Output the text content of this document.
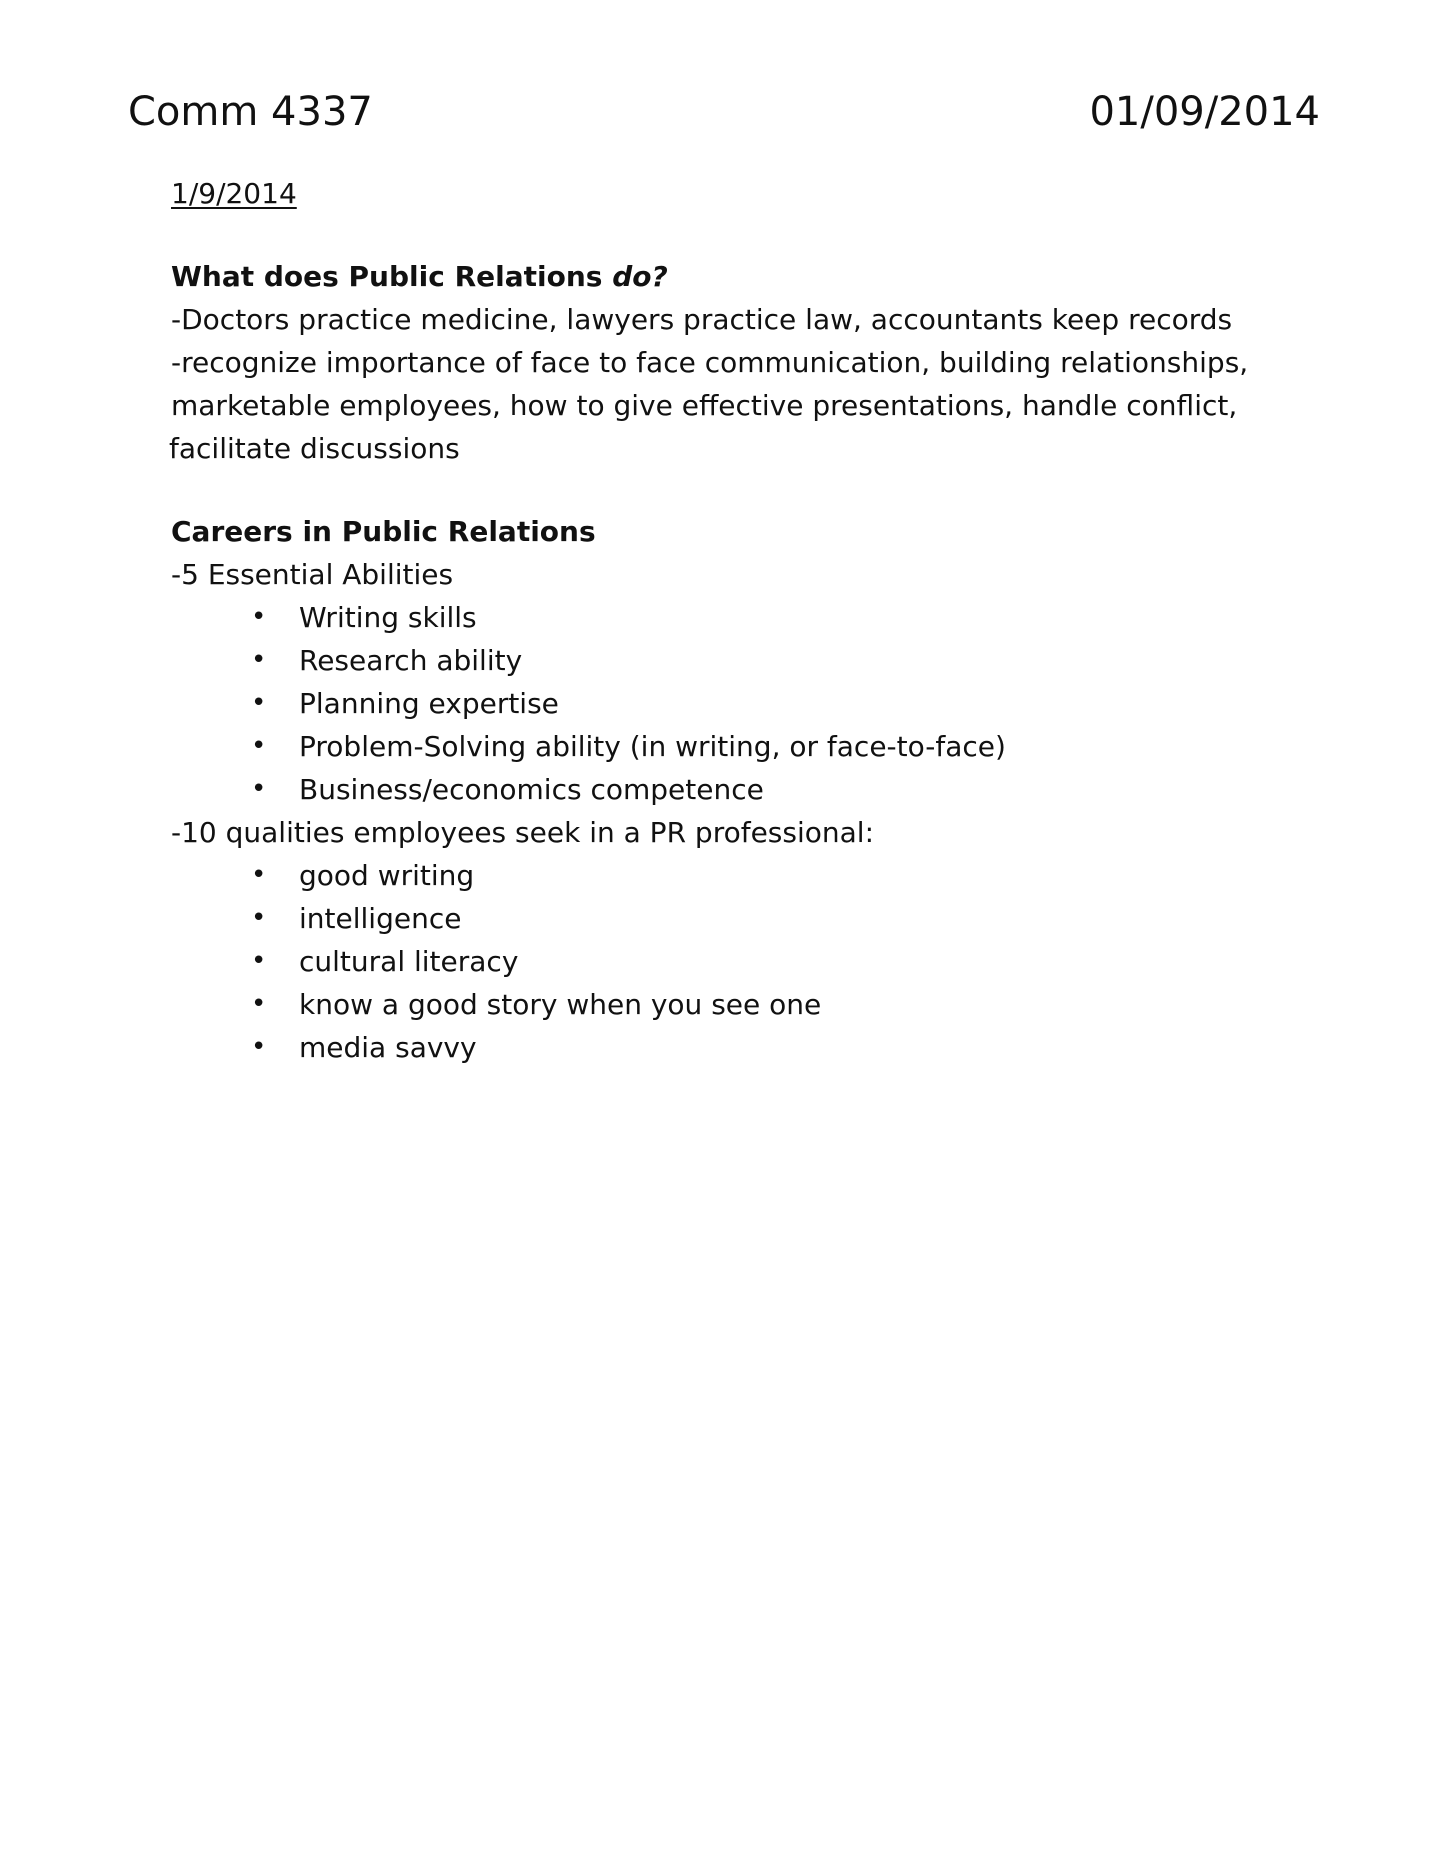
Comm 4337	01/09/2014
1/9/2014
What does Public Relations do?
-Doctors practice medicine, lawyers practice law, accountants keep records
-recognize importance of face to face communication, building relationships,
marketable employees, how to give effective presentations, handle conflict,
facilitate discussions
Careers in Public Relations
-5 Essential Abilities
• Writing skills
• Research ability
• Planning expertise
• Problem-Solving ability (in writing, or face-to-face)
• Business/economics competence
-10 qualities employees seek in a PR professional:
• good writing
• intelligence
• cultural literacy
• know a good story when you see one
• media savvy
